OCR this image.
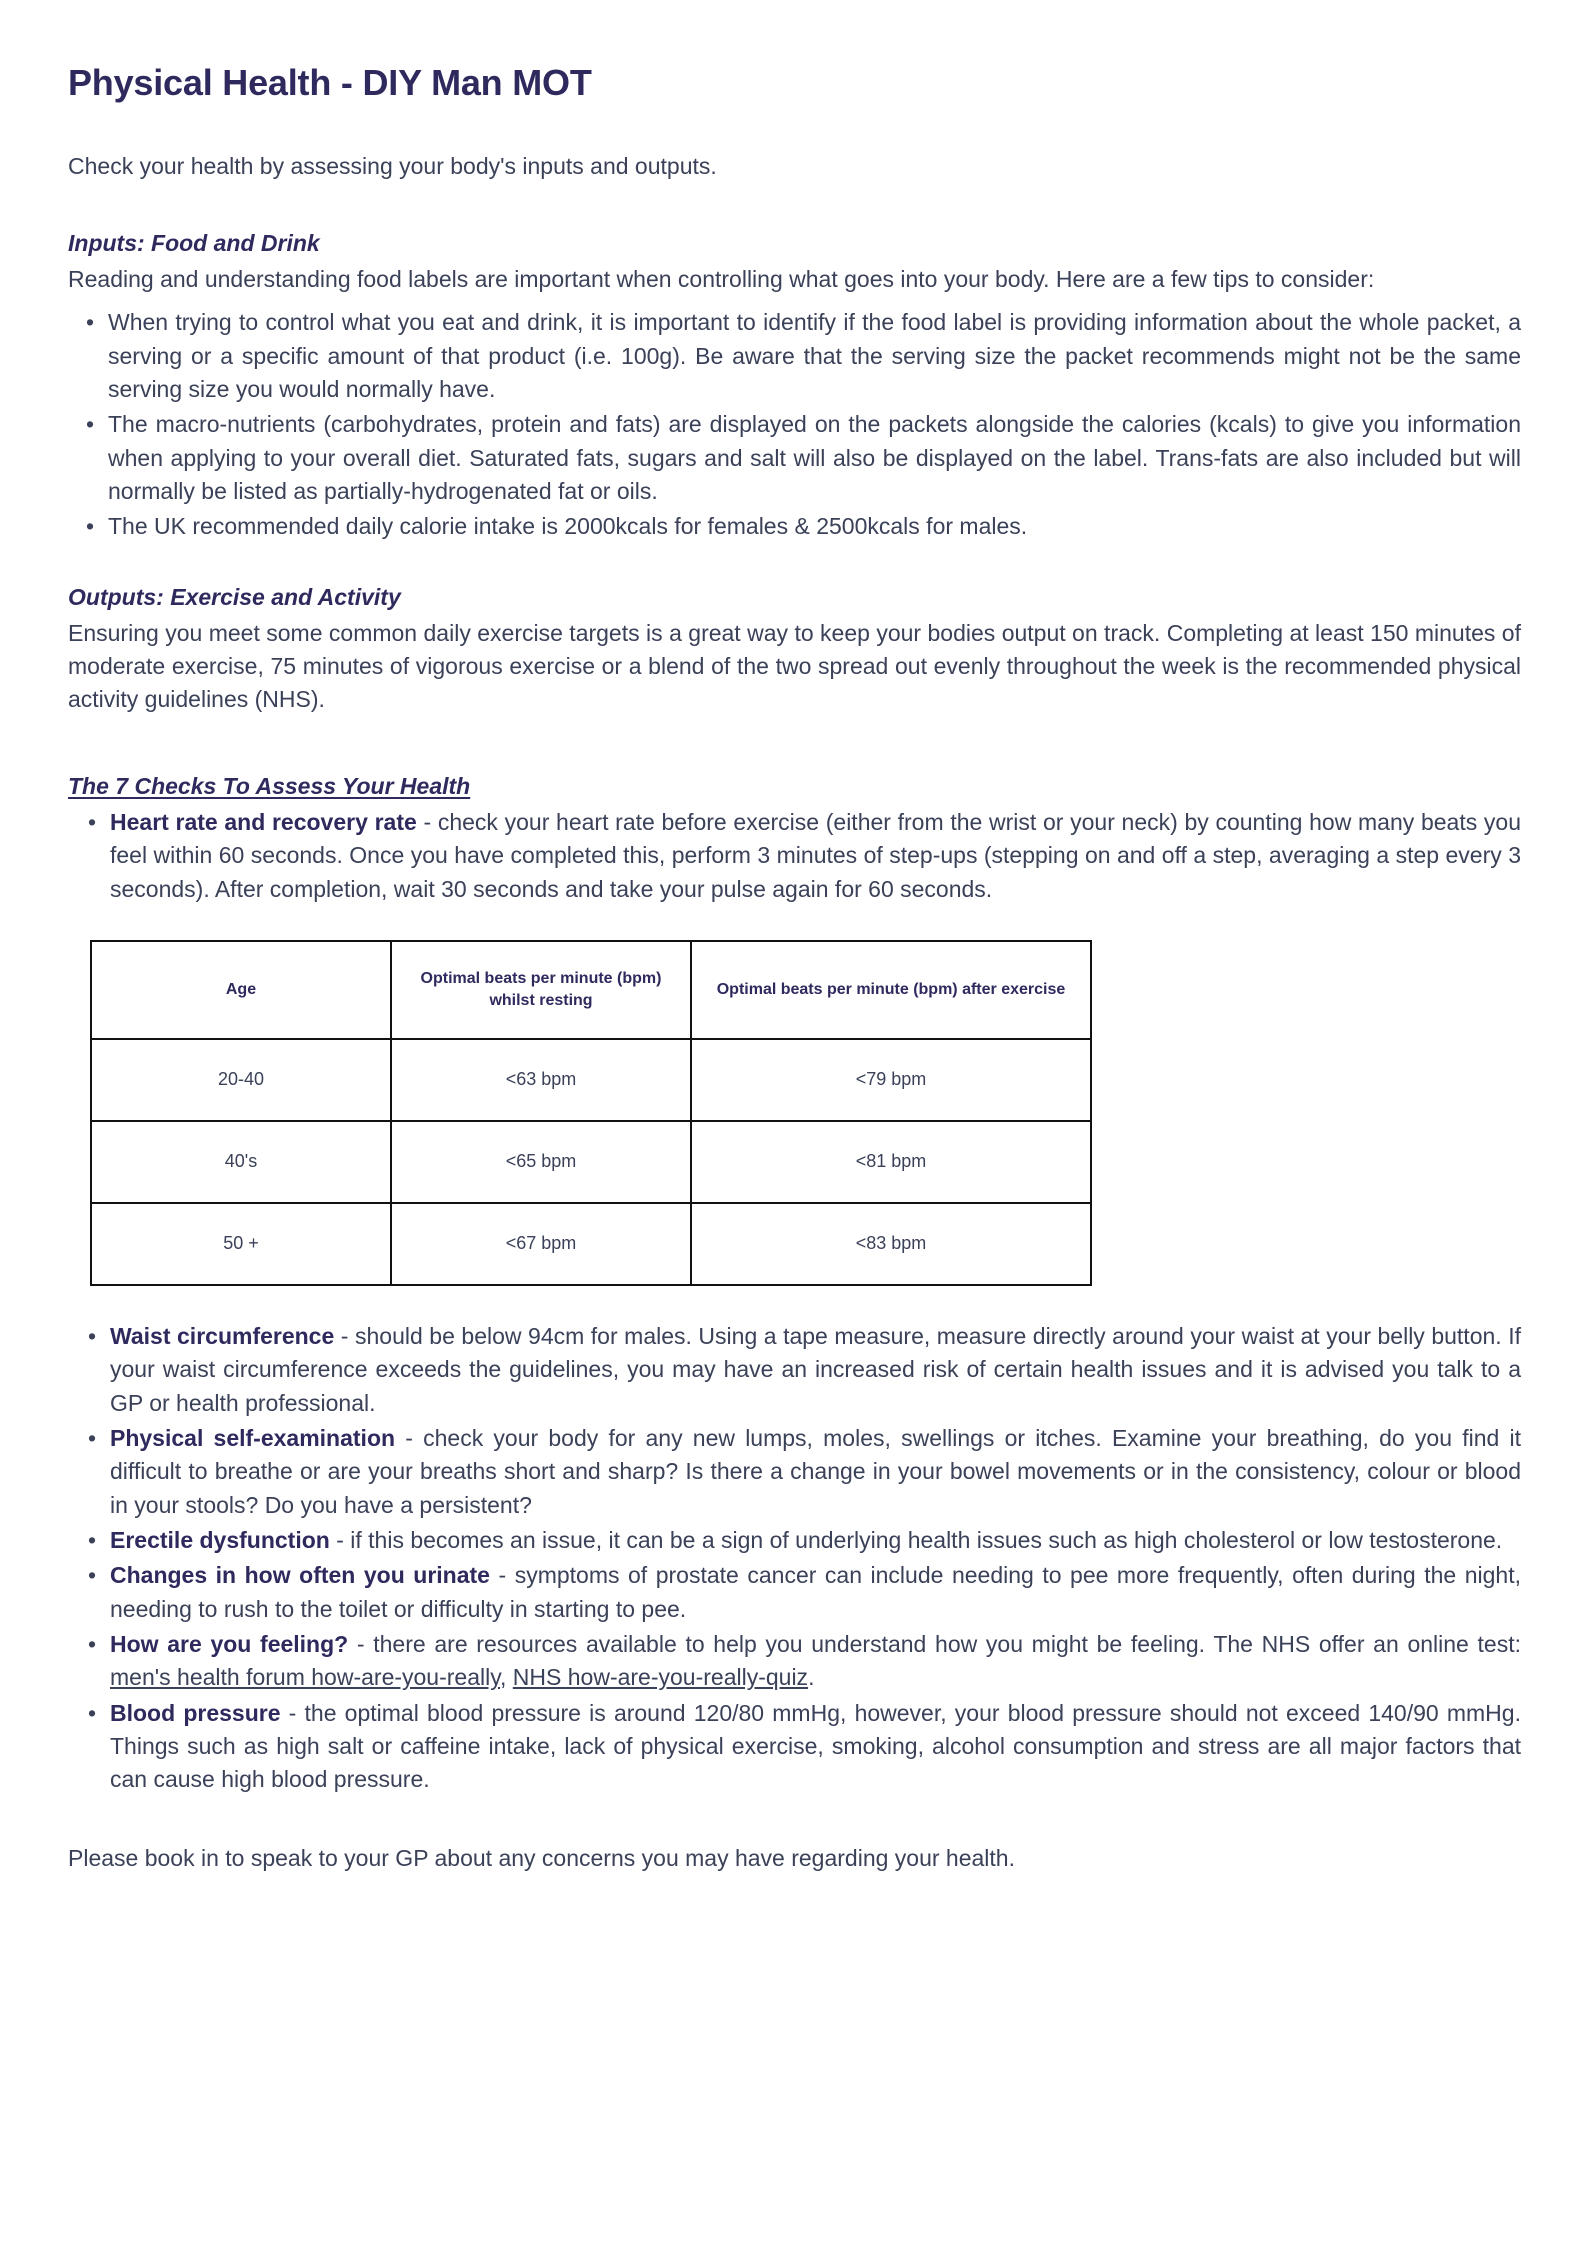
Physical Health - DIY Man MOT

Check your health by assessing your body's inputs and outputs.

Inputs: Food and Drink

Reading and understanding food labels are important when controlling what goes into your body. Here are a few tips to consider:

• When trying to control what you eat and drink, it is important to identify if the food label is providing information about the whole packet, a serving or a specific amount of that product (i.e. 100g). Be aware that the serving size the packet recommends might not be the same serving size you would normally have.
• The macro-nutrients (carbohydrates, protein and fats) are displayed on the packets alongside the calories (kcals) to give you information when applying to your overall diet. Saturated fats, sugars and salt will also be displayed on the label. Trans-fats are also included but will normally be listed as partially-hydrogenated fat or oils.
• The UK recommended daily calorie intake is 2000kcals for females & 2500kcals for males.
Outputs: Exercise and Activity

Ensuring you meet some common daily exercise targets is a great way to keep your bodies output on track. Completing at least 150 minutes of moderate exercise, 75 minutes of vigorous exercise or a blend of the two spread out evenly throughout the week is the recommended physical activity guidelines (NHS).

The 7 Checks To Assess Your Health
• Heart rate and recovery rate - check your heart rate before exercise (either from the wrist or your neck) by counting how many beats you feel within 60 seconds. Once you have completed this, perform 3 minutes of step-ups (stepping on and off a step, averaging a step every 3 seconds). After completion, wait 30 seconds and take your pulse again for 60 seconds.
Age	Optimal beats per minute (bpm) whilst resting	Optimal beats per minute (bpm) after exercise
20-40	<63 bpm	<79 bpm
40's	<65 bpm	<81 bpm
50 +	<67 bpm	<83 bpm
• Waist circumference - should be below 94cm for males. Using a tape measure, measure directly around your waist at your belly button. If your waist circumference exceeds the guidelines, you may have an increased risk of certain health issues and it is advised you talk to a GP or health professional.
• Physical self-examination - check your body for any new lumps, moles, swellings or itches. Examine your breathing, do you find it difficult to breathe or are your breaths short and sharp? Is there a change in your bowel movements or in the consistency, colour or blood in your stools? Do you have a persistent?
• Erectile dysfunction - if this becomes an issue, it can be a sign of underlying health issues such as high cholesterol or low testosterone.
• Changes in how often you urinate - symptoms of prostate cancer can include needing to pee more frequently, often during the night, needing to rush to the toilet or difficulty in starting to pee.
• How are you feeling? - there are resources available to help you understand how you might be feeling. The NHS offer an online test: men's health forum how-are-you-really, NHS how-are-you-really-quiz.
• Blood pressure - the optimal blood pressure is around 120/80 mmHg, however, your blood pressure should not exceed 140/90 mmHg. Things such as high salt or caffeine intake, lack of physical exercise, smoking, alcohol consumption and stress are all major factors that can cause high blood pressure.

Please book in to speak to your GP about any concerns you may have regarding your health.
